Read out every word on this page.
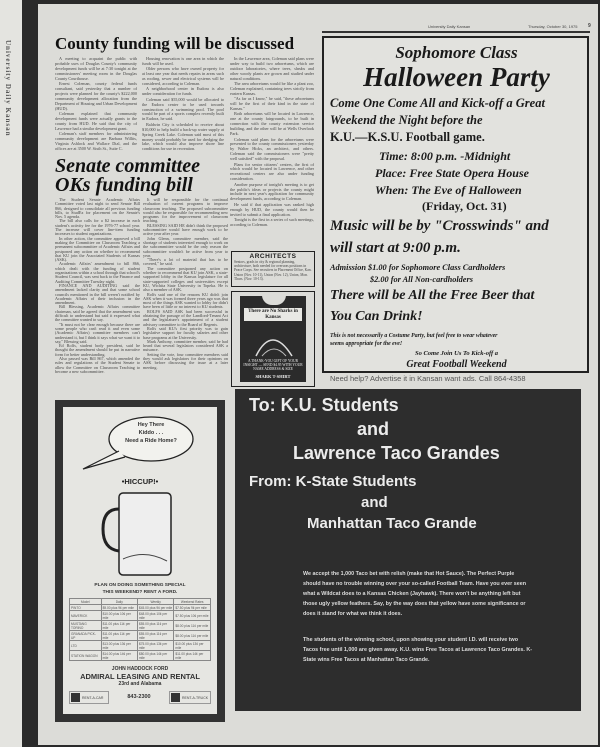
University Daily Kansan
University Daily Kansan	Thursday, October 30, 1975 9
County funding will be discussed

A meeting to acquaint the public with probable uses of Douglas County's community development funds will be at 7:30 tonight at the commissioners' meeting room in the Douglas County Courthouse.

Ernest Coleman, county federal funds consultant, said yesterday that a number of projects were planned for the county's $222,000 community development allocation from the Department of Housing and Urban Development (HUD).

Coleman explained that community development funds were actually grants to the county from HUD. He said that the city of Lawrence had a similar development grant.

Coleman's staff members for administering community development are Barbara Willits, Virginia Ashlock and Wallace Dial, and the offices are at 3500 W. Sixth St., Suite C.

Housing renovation is one area in which the funds will be used.

Older persons who have owned property for at least one year that needs repairs in areas such as roofing, sewer and electrical systems will be considered, according to Coleman.

A neighborhood center in Eudora is also under consideration for funds.

Coleman said $55,000 would be allocated to the Eudora center to be used towards construction of a swimming pool. The pool would be part of a sports complex recently built in Eudora, he said.

Baldwin City is scheduled to receive about $10,000 to help build a back-up water supply at Spring Creek Lake. Coleman said most of this money would probably be used for dredging the lake, which would also improve shore line conditions for use in recreation.

In the Lawrence area, Coleman said plans were under way to build two arboretums, which are outdoor laboratories, where trees, shrubs and other woody plants are grown and studied under natural conditions.

The area arboretums would be like a plant zoo, Coleman explained, containing trees strictly from eastern Kansas.

"As far as I know," he said, "these arboretums will be the first of their kind in the state of Kansas."

Both arboretums will be located in Lawrence, one at the county fairgrounds, to be built in connection with the county extension service building, and the other will be at Wells Overlook Park.

Coleman said plans for the arboretums were presented to the county commissioners yesterday by Walter Hicks, an architect, and others. Coleman said the commissioners were "pretty well satisfied" with the proposal.

Plans for senior citizens' centers, the first of which would be located in Lawrence, and other recreational centers are also under funding consideration.

Another purpose of tonight's meeting is to get the public's ideas or projects the county might include in next year's application for community development funds, according to Coleman.

He said if that application was ranked high enough by HUD, the county would then be invited to submit a final application.

Tonight is the first in a series of such meetings, according to Coleman.

Senate committee
OKs funding bill

The Student Senate Academic Affairs Committee voted last night to send Senate Bill 866, designed to consolidate all previous funding bills, to StudEx for placement on the Senate's Nov. 5 agenda.

The bill also calls for a $2 increase in each student's activity fee for the 1976-77 school year. The increase will cover line-item funding increases to student organizations.

In other action, the committee approved a bill making the Committee on Classroom Teaching a permanent subcommittee of Academic Affairs and postponed any action on whether to recommend that KU join the Associated Students of Kansas (ASK).

Academic Affairs' amendment to bill 866, which dealt with the funding of student organizations within a school through that school's Student Council, was sent back to the Finance and Auditing Committee Tuesday night.

FINANCE AND AUDITING said the amendment lacked clarity and that some school councils mentioned in the bill weren't notified by Academic Affairs of their inclusion in the amendment.

Bill Blessing, Academic Affairs committee chairman, said he agreed that the amendment was difficult to understand but said it expressed what the committee wanted to say.

"It must not be clear enough because there are some people who can't read it and even some (Academic Affairs) committee members can't understand it, but I think it says what we want it to say," Blessing said.

Ed Rolfs, student body president, said he thought the amendment should be put in narrative form for better understanding.

Also passed was Bill 867, which amended the rules and regulations of the Student Senate to allow the Committee on Classroom Teaching to become a new subcommittee.

It will be responsible for the continual evaluation of current programs to improve classroom teaching. The proposed subcommittee would also be responsible for recommending new programs for the improvement of classroom teaching.

BLESSING SAID HE didn't think the proposed subcommittee would have enough work to be active year after year.

John Glenn, committee member, said the shortage of students interested enough to work on the subcommittee would be the only reason the subcommittee wouldn't be active from year to year.

"There's a lot of material that has to be covered," he said.

The committee postponed any action on whether to recommend that KU join ASK, a state-supported lobby in the Kansas legislature for all state-supported colleges and universities except KU, Wichita State University in Topeka. He is also a member of ASK.

Rolfs said one of the reasons KU didn't join ASK when it was formed three years ago was that most of the things ASK wanted to lobby for didn't have been of little or no interest to KU students.

ROLFS SAID ASK had been successful in obtaining the passage of the Landlord-Tenant Act and the legislature's appointment of a student advisory committee to the Board of Regents.

Rolfs said KU's first priority was to gain legislative support for faculty salaries and other base programs at the University.

Mark Anthony, committee member, said he had heard that several legislators considered ASK a nuisance.

Setting the vote, four committee members said they would ask legislators for their opinions on ASK before discussing the issue at a later meeting.

ARCHITECTS
Seniors, grads in city & regional planning, architecture, both needed for overseas positions in Peace Corps. See recruiters in Placement Office, Kan. Union (Nov. 10-11), Union (Nov. 12), Union, Mon. Thurs. (Nov. 10-13).
There are No Sharks in Kansas
A THANK-YOU GIFT OF YOUR INSIGHT — SEND $4.95 WITH YOUR NAME ADDRESS & SIZE
SHARK T-SHIRT
Sophomore Class
Halloween Party
Come One Come All and Kick-off a Great
Weekend the Night before the
K.U.—K.S.U. Football game.
Time: 8:00 p.m. -Midnight
Place: Free State Opera House
When: The Eve of Halloween
(Friday, Oct. 31)
Music will be by "Crosswinds" and
will start at 9:00 p.m.
Admission $1.00 for Sophomore Class Cardholders
$2.00 for All Non-cardholders
There will be All the Free Beer that
You Can Drink!
This is not necessarily a Costume Party, but feel free to wear whatever
seems appropriate for the eve!
So Come Join Us To Kick-off a
Great Football Weekend
Need help? Advertise it in Kansan want ads. Call 864-4358
Hey There
Kiddo . . .
Need a Ride Home?
•HICCUP!•
PLAN ON DOING SOMETHING SPECIAL
THIS WEEKEND? RENT A FORD.
Model	Daily	Weekly	Weekend Rates
PINTO	$9.00 plus 9¢ per mile	$45.00 plus 9¢ per mile	$7.50 plus 9¢ per mile
MAVERICK	$10.00 plus 10¢ per mile	$48.00 plus 10¢ per mile	$7.50 plus 10¢ per mile
MUSTANG TORINO	$11.00 plus 11¢ per mile	$55.00 plus 11¢ per mile	$8.00 plus 11¢ per mile
GRANADA PICK-UP	$11.00 plus 11¢ per mile	$55.00 plus 11¢ per mile	$8.00 plus 11¢ per mile
LTD	$13.00 plus 13¢ per mile	$75.00 plus 13¢ per mile	$10.00 plus 13¢ per mile
STATION WAGON	$14.00 plus 14¢ per mile	$80.00 plus 14¢ per mile	$11.00 plus 14¢ per mile
JOHN HADDOCK FORD
ADMIRAL LEASING AND RENTAL
23rd and Alabama
RENT-A-CAR	843-2300	RENT-A-TRUCK
To: K.U. Students
and
Lawrence Taco Grandes
From: K-State Students
and
Manhattan Taco Grande
We accept the 1,000 Taco bet with relish (make that Hot Sauce). The Perfect Purple should have no trouble winning over your so-called Football Team. Have you ever seen what a Wildcat does to a Kansas Chicken (Jayhawk). There won't be anything left but those ugly yellow feathers. Say, by the way does that yellow have some significance or does it stand for what we think it does.
The students of the winning school, upon showing your student I.D. will receive two Tacos free until 1,000 are given away. K.U. wins Free Tacos at Lawrence Taco Grandes. K-State wins Free Tacos at Manhattan Taco Grande.
